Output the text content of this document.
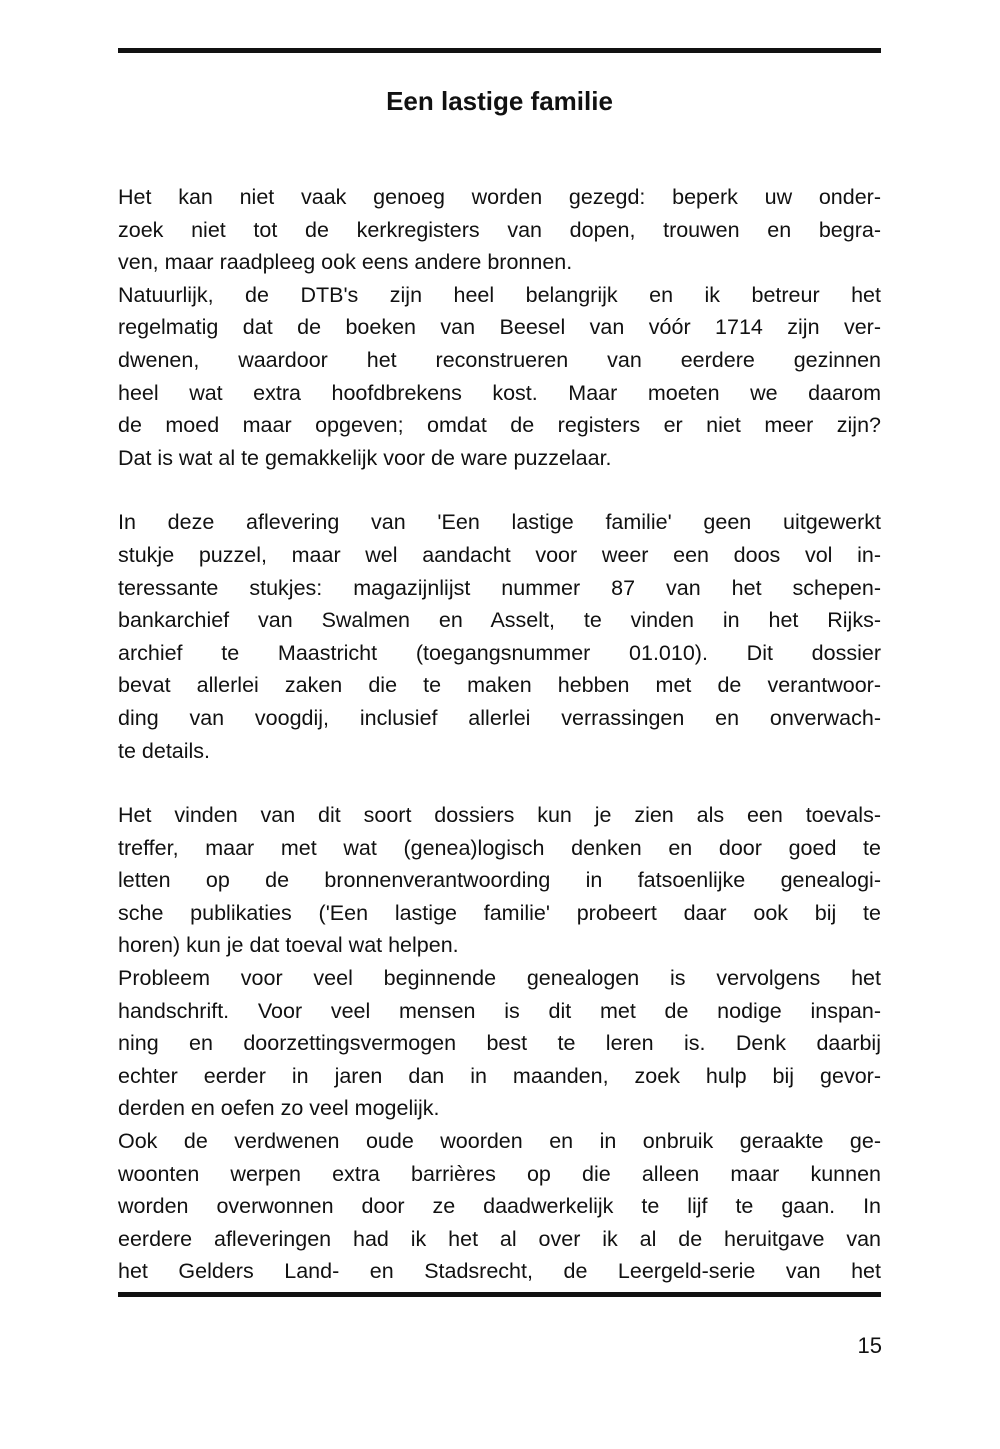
Een lastige familie

Het kan niet vaak genoeg worden gezegd: beperk uw onder-
zoek niet tot de kerkregisters van dopen, trouwen en begra-
ven, maar raadpleeg ook eens andere bronnen.

Natuurlijk, de DTB's zijn heel belangrijk en ik betreur het
regelmatig dat de boeken van Beesel van vóór 1714 zijn ver-
dwenen, waardoor het reconstrueren van eerdere gezinnen
heel wat extra hoofdbrekens kost. Maar moeten we daarom
de moed maar opgeven; omdat de registers er niet meer zijn?
Dat is wat al te gemakkelijk voor de ware puzzelaar.

In deze aflevering van 'Een lastige familie' geen uitgewerkt
stukje puzzel, maar wel aandacht voor weer een doos vol in-
teressante stukjes: magazijnlijst nummer 87 van het schepen-
bankarchief van Swalmen en Asselt, te vinden in het Rijks-
archief te Maastricht (toegangsnummer 01.010). Dit dossier
bevat allerlei zaken die te maken hebben met de verantwoor-
ding van voogdij, inclusief allerlei verrassingen en onverwach-
te details.

Het vinden van dit soort dossiers kun je zien als een toevals-
treffer, maar met wat (genea)logisch denken en door goed te
letten op de bronnenverantwoording in fatsoenlijke genealogi-
sche publikaties ('Een lastige familie' probeert daar ook bij te
horen) kun je dat toeval wat helpen.

Probleem voor veel beginnende genealogen is vervolgens het
handschrift. Voor veel mensen is dit met de nodige inspan-
ning en doorzettingsvermogen best te leren is. Denk daarbij
echter eerder in jaren dan in maanden, zoek hulp bij gevor-
derden en oefen zo veel mogelijk.

Ook de verdwenen oude woorden en in onbruik geraakte ge-
woonten werpen extra barrières op die alleen maar kunnen
worden overwonnen door ze daadwerkelijk te lijf te gaan. In
eerdere afleveringen had ik het al over ik al de heruitgave van
het Gelders Land- en Stadsrecht, de Leergeld-serie van het

15
